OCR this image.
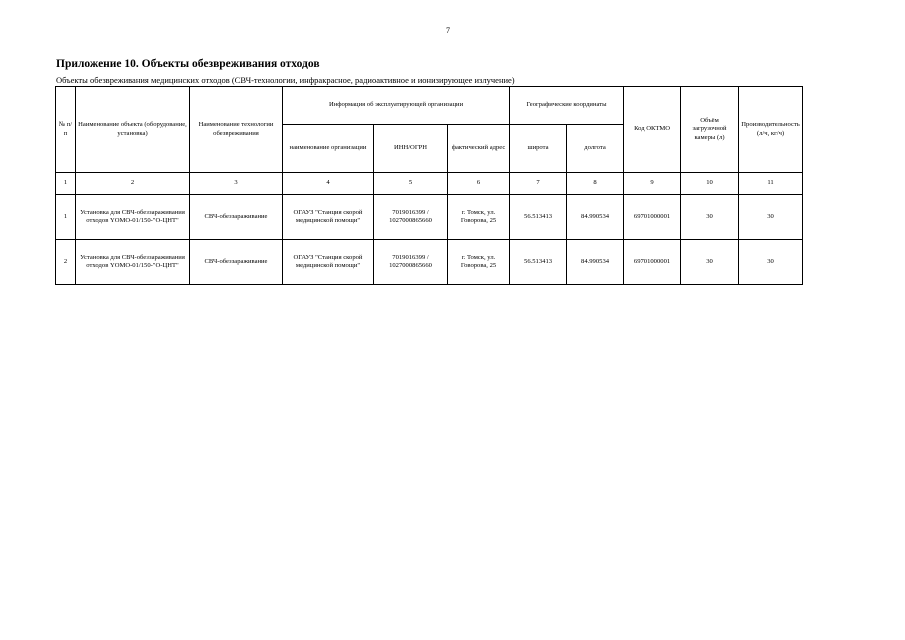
7
Приложение 10. Объекты обезвреживания отходов
Объекты обезвреживания медицинских отходов (СВЧ-технологии, инфракрасное, радиоактивное и ионизирующее излучение)
№ п/п	Наименование объекта (оборудование, установка)	Наименование технологии обезвреживания	Информация об эксплуатирующей организации			Географические координаты		Код ОКТМО	Объём загрузочной камеры (л)	Производительность (л/ч, кг/ч)
			наименование организации	ИНН/ОГРН	фактический адрес	широта	долгота			
1	2	3	4	5	6	7	8	9	10	11
1	Установка для СВЧ-обеззараживания отходов YOMO-01/150-"О-ЦНТ"	СВЧ-обеззараживание	ОГАУЗ "Станция скорой медицинской помощи"	7019016399 / 1027000865660	г. Томск, ул. Говорова, 25	56.513413	84.990534	69701000001	30	30
2	Установка для СВЧ-обеззараживания отходов YOMO-01/150-"О-ЦНТ"	СВЧ-обеззараживание	ОГАУЗ "Станция скорой медицинской помощи"	7019016399 / 1027000865660	г. Томск, ул. Говорова, 25	56.513413	84.990534	69701000001	30	30
